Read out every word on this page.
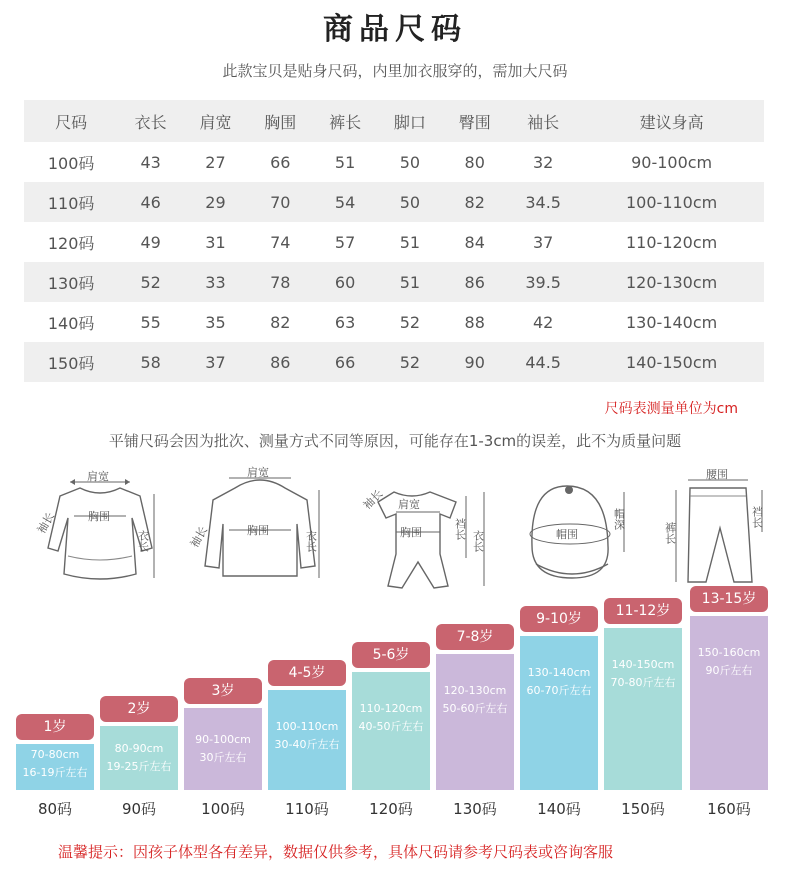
商品尺码
此款宝贝是贴身尺码，内里加衣服穿的，需加大尺码
尺码	衣长	肩宽	胸围	裤长	脚口	臀围	袖长	建议身高
100码	43	27	66	51	50	80	32	90-100cm
110码	46	29	70	54	50	82	34.5	100-110cm
120码	49	31	74	57	51	84	37	110-120cm
130码	52	33	78	60	51	86	39.5	120-130cm
140码	55	35	82	63	52	88	42	130-140cm
150码	58	37	86	66	52	90	44.5	140-150cm
尺码表测量单位为cm
平铺尺码会因为批次、测量方式不同等原因，可能存在1-3cm的误差，此不为质量问题
肩宽
胸围
袖长
衣长
肩宽
胸围
袖长	衣长
肩宽
胸围
袖长
裆长
衣长	帽围
帽深
腰围
裤长
裆长
1岁
70-80cm
16-19斤左右
80码
2岁
80-90cm
19-25斤左右
90码
3岁
90-100cm
30斤左右
100码
4-5岁
100-110cm
30-40斤左右
110码
5-6岁
110-120cm
40-50斤左右
120码
7-8岁
120-130cm
50-60斤左右
130码
9-10岁
130-140cm
60-70斤左右
140码
11-12岁
140-150cm
70-80斤左右
150码
13-15岁
150-160cm
90斤左右
160码
温馨提示：因孩子体型各有差异，数据仅供参考，具体尺码请参考尺码表或咨询客服
